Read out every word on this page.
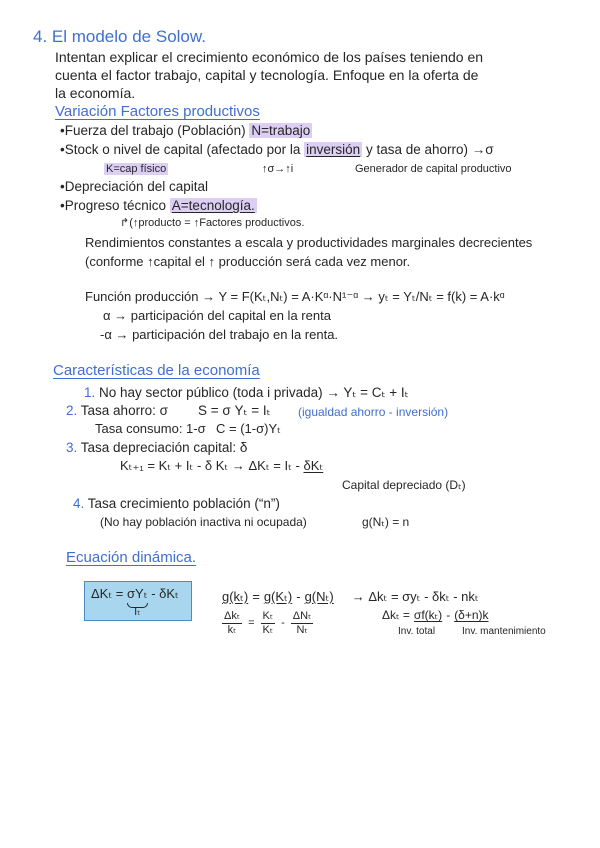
4. El modelo de Solow.
Intentan explicar el crecimiento económico de los países teniendo en
cuenta el factor trabajo, capital y tecnología. Enfoque en la oferta de
la economía.
Variación Factores productivos
•Fuerza del trabajo (Población) N=trabajo
•Stock o nivel de capital (afectado por la inversión y tasa de ahorro) →σ
K=cap físico	↑σ→↑i	Generador de capital productivo
•Depreciación del capital
•Progreso técnico A=tecnología.
↱(↑producto = ↑Factores productivos.
Rendimientos constantes a escala y productividades marginales decrecientes
(conforme ↑capital el ↑ producción será cada vez menor.
Función producción → Y = F(Kₜ,Nₜ) = A·Kᵅ·N¹⁻ᵅ → yₜ = Yₜ/Nₜ = f(k) = A·kᵅ
α → participación del capital en la renta
-α → participación del trabajo en la renta.
Características de la economía
1. No hay sector público (toda i privada) → Yₜ = Cₜ + Iₜ
2. Tasa ahorro: σ S = σ Yₜ = Iₜ (igualdad ahorro - inversión)
Tasa consumo: 1-σ C = (1-σ)Yₜ
3. Tasa depreciación capital: δ
Kₜ₊₁ = Kₜ + Iₜ - δ Kₜ → ΔKₜ = Iₜ - δKₜ
Capital depreciado (Dₜ)
4. Tasa crecimiento población (“n”)
(No hay población inactiva ni ocupada)	g(Nₜ) = n
Ecuación dinámica.
ΔKₜ = σYₜ
Iₜ
- δKₜ	g(kₜ) = g(Kₜ) - g(Nₜ) → Δkₜ = σyₜ - δkₜ - nkₜ
$\frac{\text{Δkₜ}}{\text{kₜ}} = \frac{\text{Kₜ}}{\text{Kₜ}} - \frac{\text{ΔNₜ}}{\text{Nₜ}}$	Δkₜ = σf(kₜ) - (δ+n)k
Inv. total	Inv. mantenimiento
